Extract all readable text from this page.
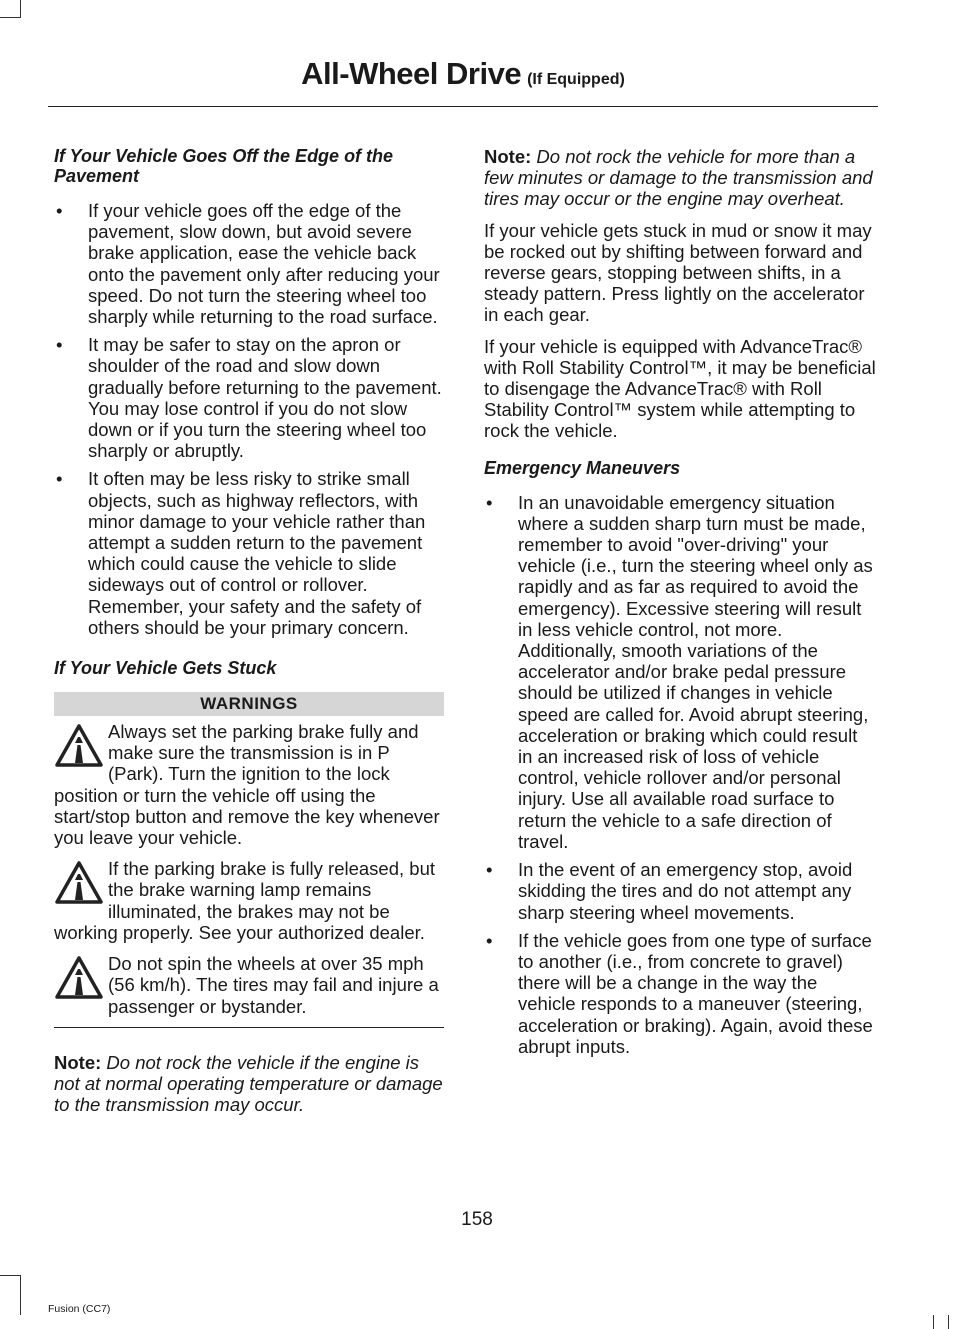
All-Wheel Drive (If Equipped)
If Your Vehicle Goes Off the Edge of the Pavement
• If your vehicle goes off the edge of the pavement, slow down, but avoid severe brake application, ease the vehicle back onto the pavement only after reducing your speed. Do not turn the steering wheel too sharply while returning to the road surface.
• It may be safer to stay on the apron or shoulder of the road and slow down gradually before returning to the pavement. You may lose control if you do not slow down or if you turn the steering wheel too sharply or abruptly.
• It often may be less risky to strike small objects, such as highway reflectors, with minor damage to your vehicle rather than attempt a sudden return to the pavement which could cause the vehicle to slide sideways out of control or rollover. Remember, your safety and the safety of others should be your primary concern.
If Your Vehicle Gets Stuck
WARNINGS
Always set the parking brake fully and make sure the transmission is in P (Park). Turn the ignition to the lock position or turn the vehicle off using the start/stop button and remove the key whenever you leave your vehicle.
If the parking brake is fully released, but the brake warning lamp remains illuminated, the brakes may not be working properly. See your authorized dealer.
Do not spin the wheels at over 35 mph (56 km/h). The tires may fail and injure a passenger or bystander.

Note: Do not rock the vehicle if the engine is not at normal operating temperature or damage to the transmission may occur.

Note: Do not rock the vehicle for more than a few minutes or damage to the transmission and tires may occur or the engine may overheat.

If your vehicle gets stuck in mud or snow it may be rocked out by shifting between forward and reverse gears, stopping between shifts, in a steady pattern. Press lightly on the accelerator in each gear.

If your vehicle is equipped with AdvanceTrac® with Roll Stability Control™, it may be beneficial to disengage the AdvanceTrac® with Roll Stability Control™ system while attempting to rock the vehicle.

Emergency Maneuvers
• In an unavoidable emergency situation where a sudden sharp turn must be made, remember to avoid "over-driving" your vehicle (i.e., turn the steering wheel only as rapidly and as far as required to avoid the emergency). Excessive steering will result in less vehicle control, not more. Additionally, smooth variations of the accelerator and/or brake pedal pressure should be utilized if changes in vehicle speed are called for. Avoid abrupt steering, acceleration or braking which could result in an increased risk of loss of vehicle control, vehicle rollover and/or personal injury. Use all available road surface to return the vehicle to a safe direction of travel.
• In the event of an emergency stop, avoid skidding the tires and do not attempt any sharp steering wheel movements.
• If the vehicle goes from one type of surface to another (i.e., from concrete to gravel) there will be a change in the way the vehicle responds to a maneuver (steering, acceleration or braking). Again, avoid these abrupt inputs.
158
Fusion (CC7)
